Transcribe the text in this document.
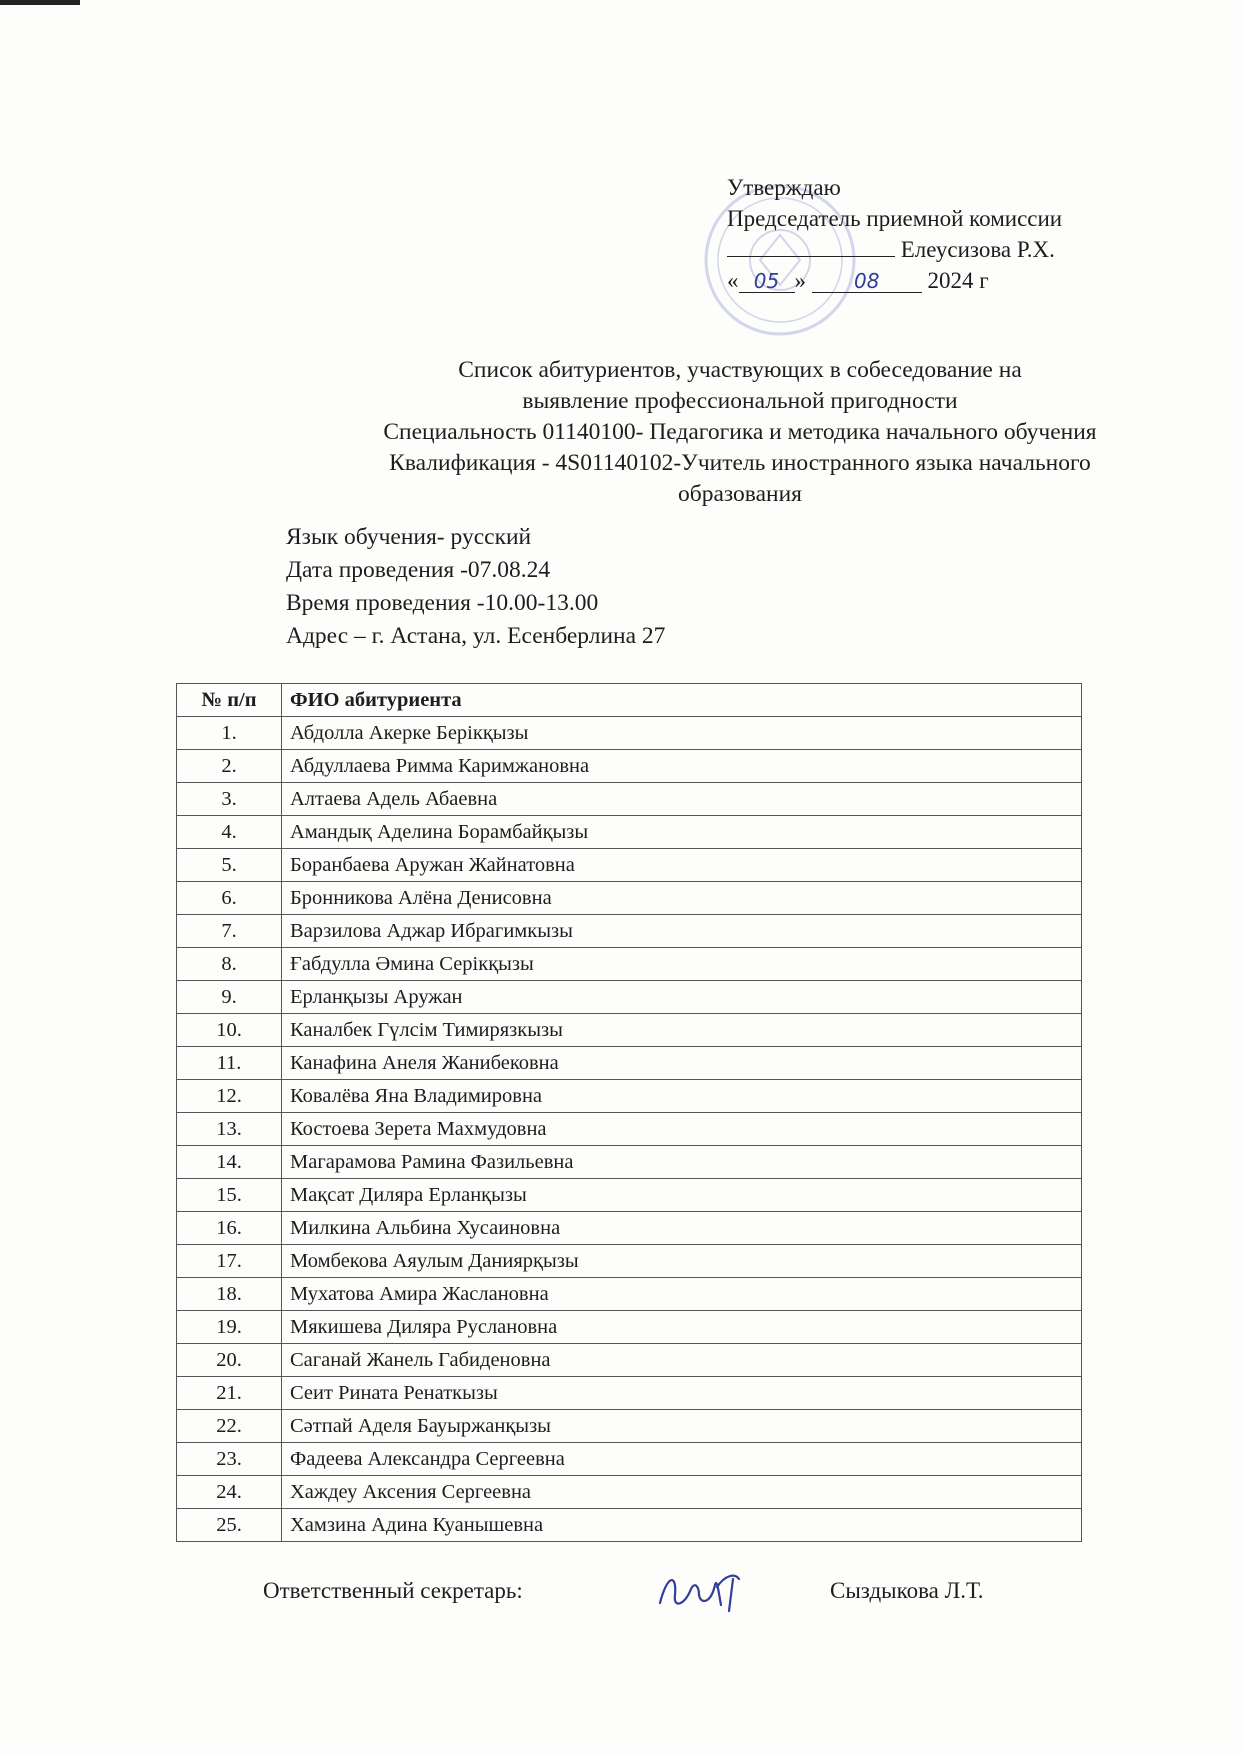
Утверждаю
Председатель приемной комиссии
Елеусизова Р.Х.
« 05 » 08 2024 г
Список абитуриентов, участвующих в собеседование на
выявление профессиональной пригодности
Специальность 01140100- Педагогика и методика начального обучения
Квалификация - 4S01140102-Учитель иностранного языка начального
образования
Язык обучения- русский
Дата проведения -07.08.24
Время проведения -10.00-13.00
Адрес – г. Астана, ул. Есенберлина 27
№ п/п	ФИО абитуриента
1.	Абдолла Акерке Берікқызы
2.	Абдуллаева Римма Каримжановна
3.	Алтаева Адель Абаевна
4.	Амандық Аделина Борамбайқызы
5.	Боранбаева Аружан Жайнатовна
6.	Бронникова Алёна Денисовна
7.	Варзилова Аджар Ибрагимкызы
8.	Ғабдулла Әмина Серікқызы
9.	Ерланқызы Аружан
10.	Каналбек Гүлсім Тимирязкызы
11.	Канафина Анеля Жанибековна
12.	Ковалёва Яна Владимировна
13.	Костоева Зерета Махмудовна
14.	Магарамова Рамина Фазильевна
15.	Мақсат Диляра Ерланқызы
16.	Милкина Альбина Хусаиновна
17.	Момбекова Аяулым Даниярқызы
18.	Мухатова Амира Жаслановна
19.	Мякишева Диляра Руслановна
20.	Саганай Жанель Габиденовна
21.	Сеит Рината Ренаткызы
22.	Сәтпай Аделя Бауыржанқызы
23.	Фадеева Александра Сергеевна
24.	Хаждеу Аксения Сергеевна
25.	Хамзина Адина Куанышевна
Ответственный секретарь:	Сыздыкова Л.Т.
